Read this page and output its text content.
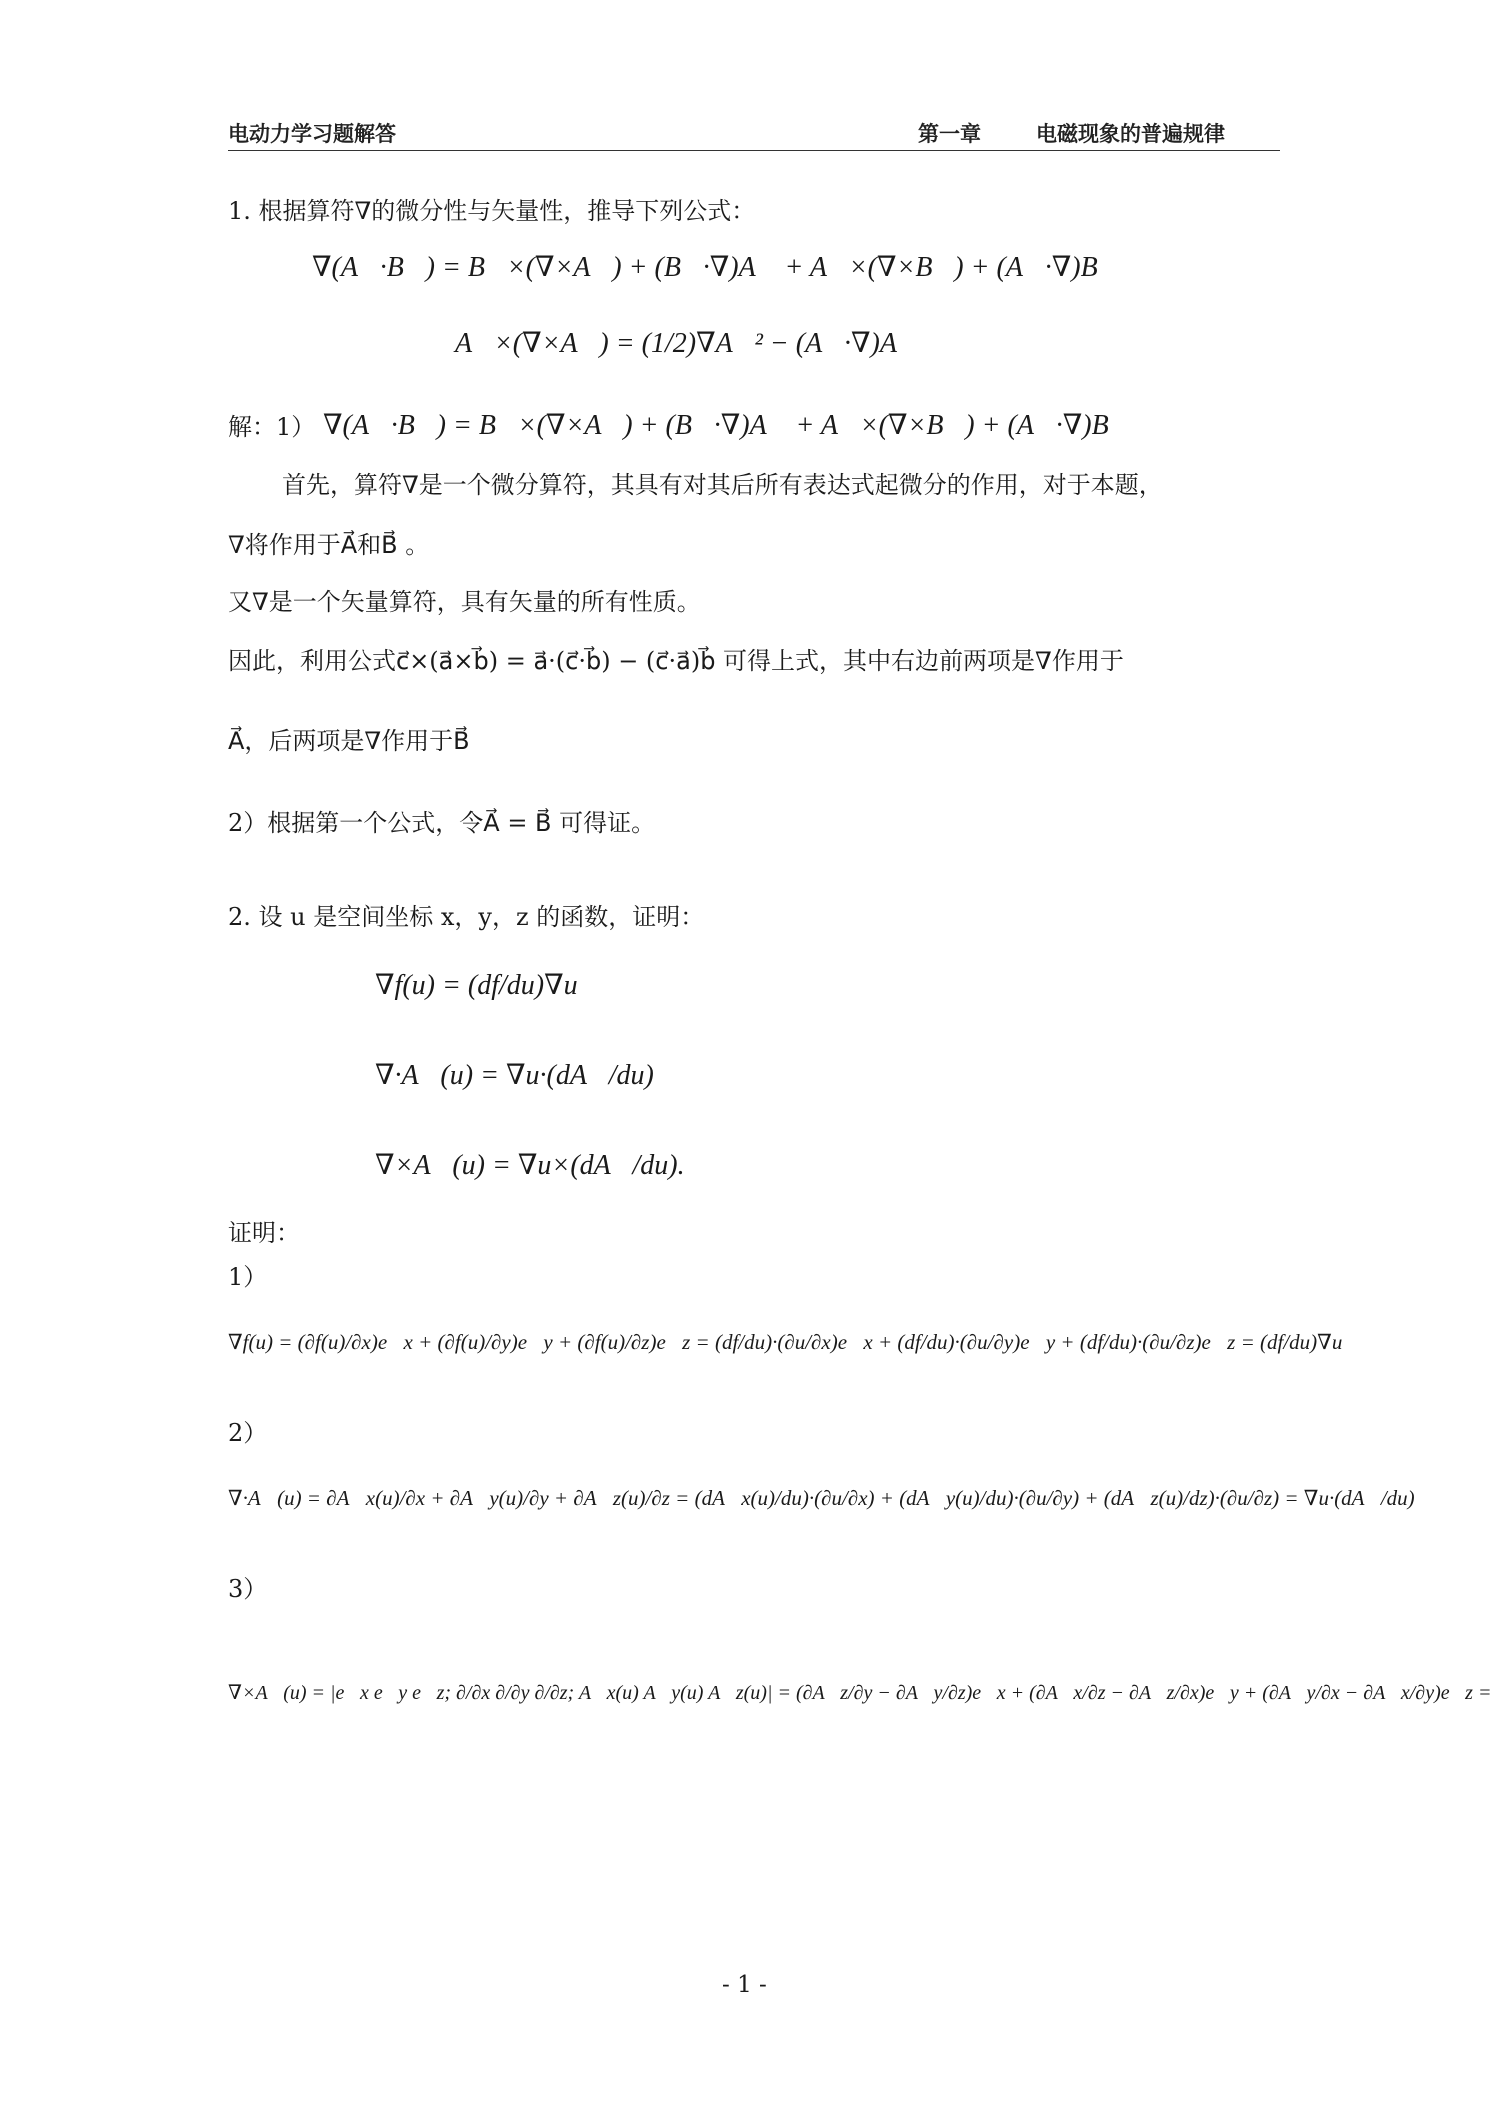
电动力学习题解答	第一章	电磁现象的普遍规律
1. 根据算符∇的微分性与矢量性，推导下列公式：
∇(A⃗·B⃗) = B⃗×(∇×A⃗) + (B⃗·∇)A⃗ + A⃗×(∇×B⃗) + (A⃗·∇)B⃗
A⃗×(∇×A⃗) = (1/2)∇A⃗² − (A⃗·∇)A⃗
解：1） ∇(A⃗·B⃗) = B⃗×(∇×A⃗) + (B⃗·∇)A⃗ + A⃗×(∇×B⃗) + (A⃗·∇)B⃗
首先，算符∇是一个微分算符，其具有对其后所有表达式起微分的作用，对于本题，
∇将作用于A⃗和B⃗ 。
又∇是一个矢量算符，具有矢量的所有性质。
因此，利用公式c⃗×(a⃗×b⃗) = a⃗·(c⃗·b⃗) − (c⃗·a⃗)b⃗ 可得上式，其中右边前两项是∇作用于
A⃗，后两项是∇作用于B⃗
2）根据第一个公式，令A⃗ = B⃗ 可得证。
2. 设 u 是空间坐标 x，y，z 的函数，证明：
∇f(u) = (df/du)∇u
∇·A⃗(u) = ∇u·(dA⃗/du)
∇×A⃗(u) = ∇u×(dA⃗/du).
证明：
1）
∇f(u) = (∂f(u)/∂x)e⃗x + (∂f(u)/∂y)e⃗y + (∂f(u)/∂z)e⃗z = (df/du)·(∂u/∂x)e⃗x + (df/du)·(∂u/∂y)e⃗y + (df/du)·(∂u/∂z)e⃗z = (df/du)∇u
2）
∇·A⃗(u) = ∂A⃗x(u)/∂x + ∂A⃗y(u)/∂y + ∂A⃗z(u)/∂z = (dA⃗x(u)/du)·(∂u/∂x) + (dA⃗y(u)/du)·(∂u/∂y) + (dA⃗z(u)/dz)·(∂u/∂z) = ∇u·(dA⃗/du)
3）
∇×A⃗(u) = |e⃗x e⃗y e⃗z; ∂/∂x ∂/∂y ∂/∂z; A⃗x(u) A⃗y(u) A⃗z(u)| = (∂A⃗z/∂y − ∂A⃗y/∂z)e⃗x + (∂A⃗x/∂z − ∂A⃗z/∂x)e⃗y + (∂A⃗y/∂x − ∂A⃗x/∂y)e⃗z =
- 1 -
